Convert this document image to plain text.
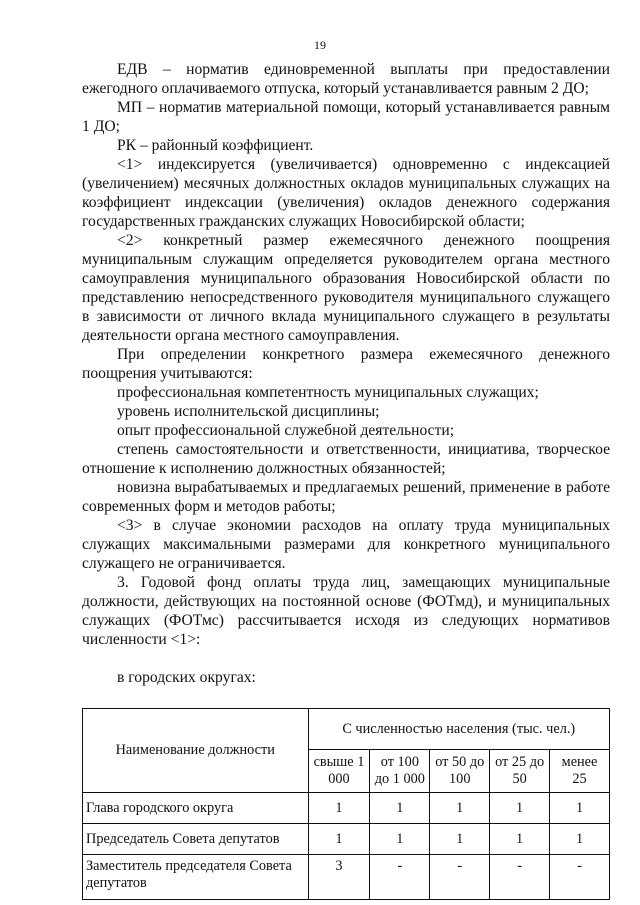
19

ЕДВ – норматив единовременной выплаты при предоставлении ежегодного оплачиваемого отпуска, который устанавливается равным 2 ДО;

МП – норматив материальной помощи, который устанавливается равным 1 ДО;

РК – районный коэффициент.

<1> индексируется (увеличивается) одновременно с индексацией (увеличением) месячных должностных окладов муниципальных служащих на коэффициент индексации (увеличения) окладов денежного содержания государственных гражданских служащих Новосибирской области;

<2> конкретный размер ежемесячного денежного поощрения муниципальным служащим определяется руководителем органа местного самоуправления муниципального образования Новосибирской области по представлению непосредственного руководителя муниципального служащего в зависимости от личного вклада муниципального служащего в результаты деятельности органа местного самоуправления.

При определении конкретного размера ежемесячного денежного поощрения учитываются:

профессиональная компетентность муниципальных служащих;

уровень исполнительской дисциплины;

опыт профессиональной служебной деятельности;

степень самостоятельности и ответственности, инициатива, творческое отношение к исполнению должностных обязанностей;

новизна вырабатываемых и предлагаемых решений, применение в работе современных форм и методов работы;

<3> в случае экономии расходов на оплату труда муниципальных служащих максимальными размерами для конкретного муниципального служащего не ограничивается.

3. Годовой фонд оплаты труда лиц, замещающих муниципальные должности, действующих на постоянной основе (ФОТмд), и муниципальных служащих (ФОТмс) рассчитывается исходя из следующих нормативов численности <1>:

в городских округах:

Наименование должности	С численностью населения (тыс. чел.)				
	свыше 1 000	от 100 до 1 000	от 50 до 100	от 25 до 50	менее 25
Глава городского округа	1	1	1	1	1
Председатель Совета депутатов	1	1	1	1	1
Заместитель председателя Совета депутатов	3	-	-	-	-
